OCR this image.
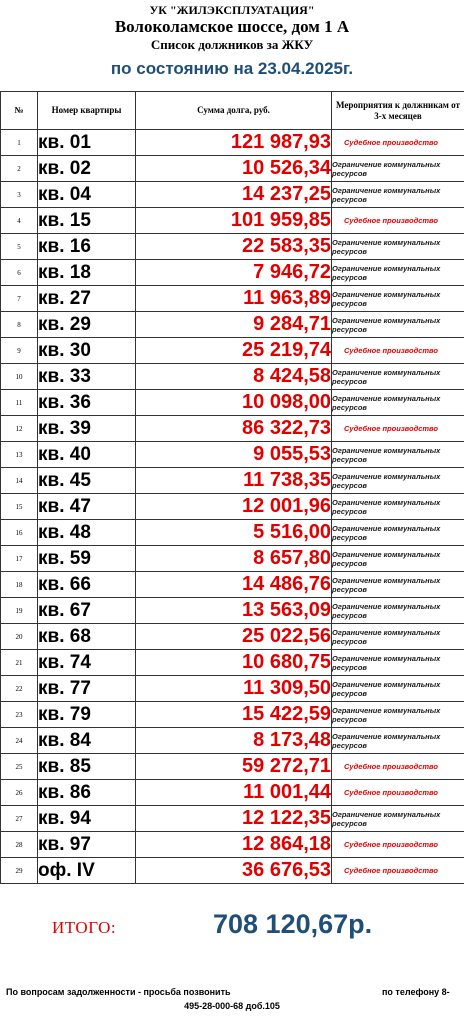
УК "ЖИЛЭКСПЛУАТАЦИЯ"
Волоколамское шоссе, дом 1 А
Список должников за ЖКУ
по состоянию на 23.04.2025г.
№	Номер квартиры	Сумма долга, руб.	Мероприятия к должникам от 3-х месяцев
1	кв. 01	121 987,93	Судебное производство
2	кв. 02	10 526,34	Ограничение коммунальных ресурсов
3	кв. 04	14 237,25	Ограничение коммунальных ресурсов
4	кв. 15	101 959,85	Судебное производство
5	кв. 16	22 583,35	Ограничение коммунальных ресурсов
6	кв. 18	7 946,72	Ограничение коммунальных ресурсов
7	кв. 27	11 963,89	Ограничение коммунальных ресурсов
8	кв. 29	9 284,71	Ограничение коммунальных ресурсов
9	кв. 30	25 219,74	Судебное производство
10	кв. 33	8 424,58	Ограничение коммунальных ресурсов
11	кв. 36	10 098,00	Ограничение коммунальных ресурсов
12	кв. 39	86 322,73	Судебное производство
13	кв. 40	9 055,53	Ограничение коммунальных ресурсов
14	кв. 45	11 738,35	Ограничение коммунальных ресурсов
15	кв. 47	12 001,96	Ограничение коммунальных ресурсов
16	кв. 48	5 516,00	Ограничение коммунальных ресурсов
17	кв. 59	8 657,80	Ограничение коммунальных ресурсов
18	кв. 66	14 486,76	Ограничение коммунальных ресурсов
19	кв. 67	13 563,09	Ограничение коммунальных ресурсов
20	кв. 68	25 022,56	Ограничение коммунальных ресурсов
21	кв. 74	10 680,75	Ограничение коммунальных ресурсов
22	кв. 77	11 309,50	Ограничение коммунальных ресурсов
23	кв. 79	15 422,59	Ограничение коммунальных ресурсов
24	кв. 84	8 173,48	Ограничение коммунальных ресурсов
25	кв. 85	59 272,71	Судебное производство
26	кв. 86	11 001,44	Судебное производство
27	кв. 94	12 122,35	Ограничение коммунальных ресурсов
28	кв. 97	12 864,18	Судебное производство
29	оф. IV	36 676,53	Судебное производство
ИТОГО:	708 120,67р.
По вопросам задолженности - просьба позвонить	по телефону 8-
495-28-000-68 доб.105
